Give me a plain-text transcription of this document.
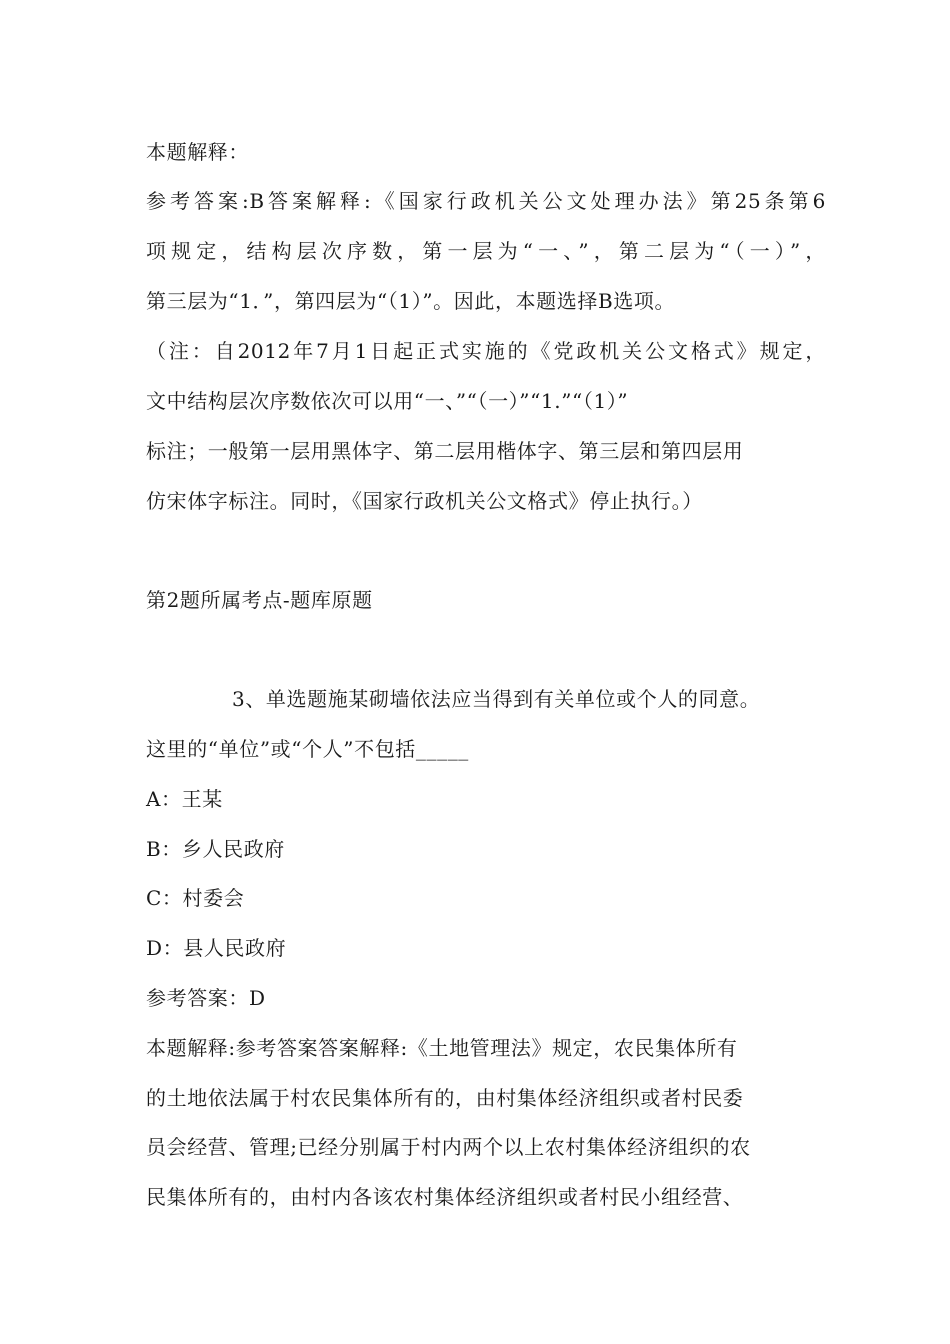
本题解释：
参考答案:B答案解释:《国家行政机关公文处理办法》第25条第6
项规定，结构层次序数，第一层为“一、”，第二层为“（一）”，
第三层为“1．”，第四层为“（1）”。因此，本题选择B选项。
（注：自2012年7月1日起正式实施的《党政机关公文格式》规定，
文中结构层次序数依次可以用“一、”“（一）”“1.”“（1）”
标注；一般第一层用黑体字、第二层用楷体字、第三层和第四层用
仿宋体字标注。同时，《国家行政机关公文格式》停止执行。）
第2题所属考点-题库原题
3、单选题施某砌墙依法应当得到有关单位或个人的同意。
这里的“单位”或“个人”不包括_____
A：王某
B：乡人民政府
C：村委会
D：县人民政府
参考答案：D
本题解释:参考答案答案解释:《土地管理法》规定，农民集体所有
的土地依法属于村农民集体所有的，由村集体经济组织或者村民委
员会经营、管理;已经分别属于村内两个以上农村集体经济组织的农
民集体所有的，由村内各该农村集体经济组织或者村民小组经营、
